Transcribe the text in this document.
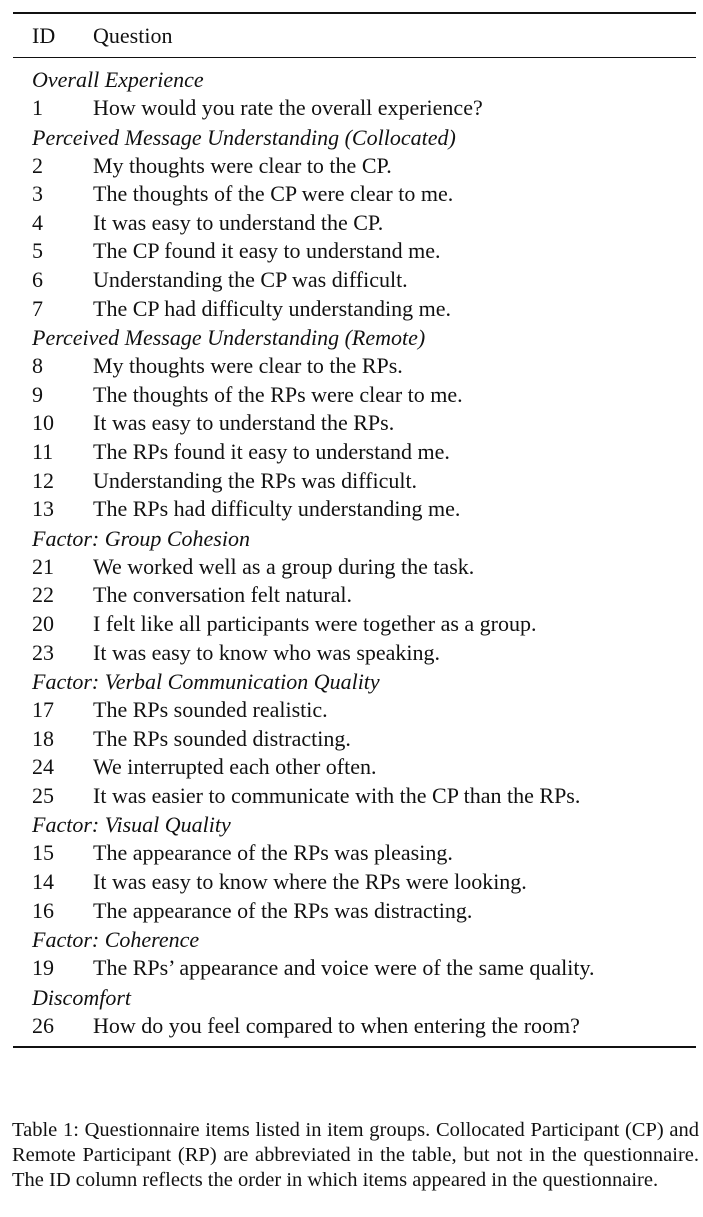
ID	Question
Overall Experience
1	How would you rate the overall experience?
Perceived Message Understanding (Collocated)
2	My thoughts were clear to the CP.
3	The thoughts of the CP were clear to me.
4	It was easy to understand the CP.
5	The CP found it easy to understand me.
6	Understanding the CP was difficult.
7	The CP had difficulty understanding me.
Perceived Message Understanding (Remote)
8	My thoughts were clear to the RPs.
9	The thoughts of the RPs were clear to me.
10	It was easy to understand the RPs.
11	The RPs found it easy to understand me.
12	Understanding the RPs was difficult.
13	The RPs had difficulty understanding me.
Factor: Group Cohesion
21	We worked well as a group during the task.
22	The conversation felt natural.
20	I felt like all participants were together as a group.
23	It was easy to know who was speaking.
Factor: Verbal Communication Quality
17	The RPs sounded realistic.
18	The RPs sounded distracting.
24	We interrupted each other often.
25	It was easier to communicate with the CP than the RPs.
Factor: Visual Quality
15	The appearance of the RPs was pleasing.
14	It was easy to know where the RPs were looking.
16	The appearance of the RPs was distracting.
Factor: Coherence
19	The RPs’ appearance and voice were of the same quality.
Discomfort
26	How do you feel compared to when entering the room?

Table 1: Questionnaire items listed in item groups. Collocated Participant (CP) and Remote Participant (RP) are abbreviated in the table, but not in the questionnaire. The ID column reflects the order in which items appeared in the questionnaire.
